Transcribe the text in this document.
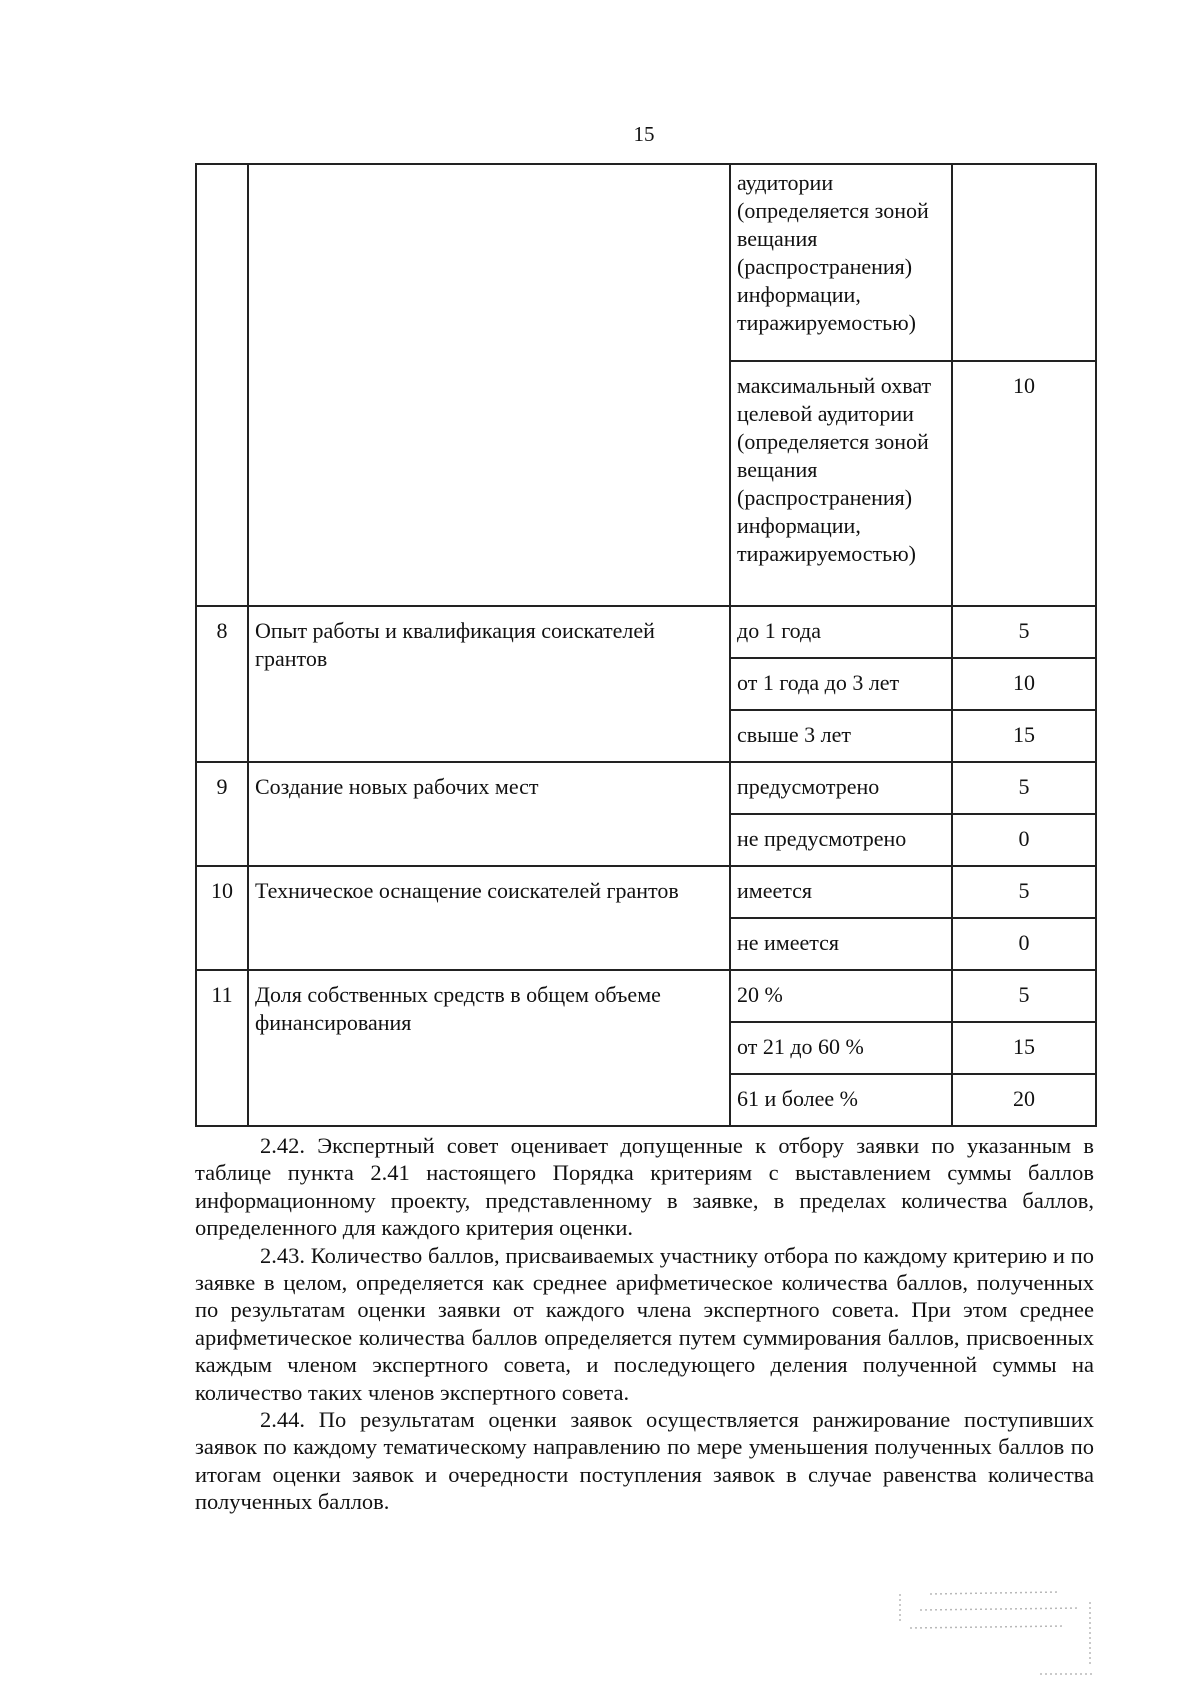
15
		аудитории (определяется зоной вещания (распространения) информации, тиражируемостью)	
		максимальный охват целевой аудитории (определяется зоной вещания (распространения) информации, тиражируемостью)	10
8	Опыт работы и квалификация соискателей грантов	до 1 года	5
		от 1 года до 3 лет	10
		свыше 3 лет	15
9	Создание новых рабочих мест	предусмотрено	5
		не предусмотрено	0
10	Техническое оснащение соискателей грантов	имеется	5
		не имеется	0
11	Доля собственных средств в общем объеме финансирования	20 %	5
		от 21 до 60 %	15
		61 и более %	20

2.42. Экспертный совет оценивает допущенные к отбору заявки по указанным в таблице пункта 2.41 настоящего Порядка критериям с выставлением суммы баллов информационному проекту, представленному в заявке, в пределах количества баллов, определенного для каждого критерия оценки.

2.43. Количество баллов, присваиваемых участнику отбора по каждому критерию и по заявке в целом, определяется как среднее арифметическое количества баллов, полученных по результатам оценки заявки от каждого члена экспертного совета. При этом среднее арифметическое количества баллов определяется путем суммирования баллов, присвоенных каждым членом экспертного совета, и последующего деления полученной суммы на количество таких членов экспертного совета.

2.44. По результатам оценки заявок осуществляется ранжирование поступивших заявок по каждому тематическому направлению по мере уменьшения полученных баллов по итогам оценки заявок и очередности поступления заявок в случае равенства количества полученных баллов.
